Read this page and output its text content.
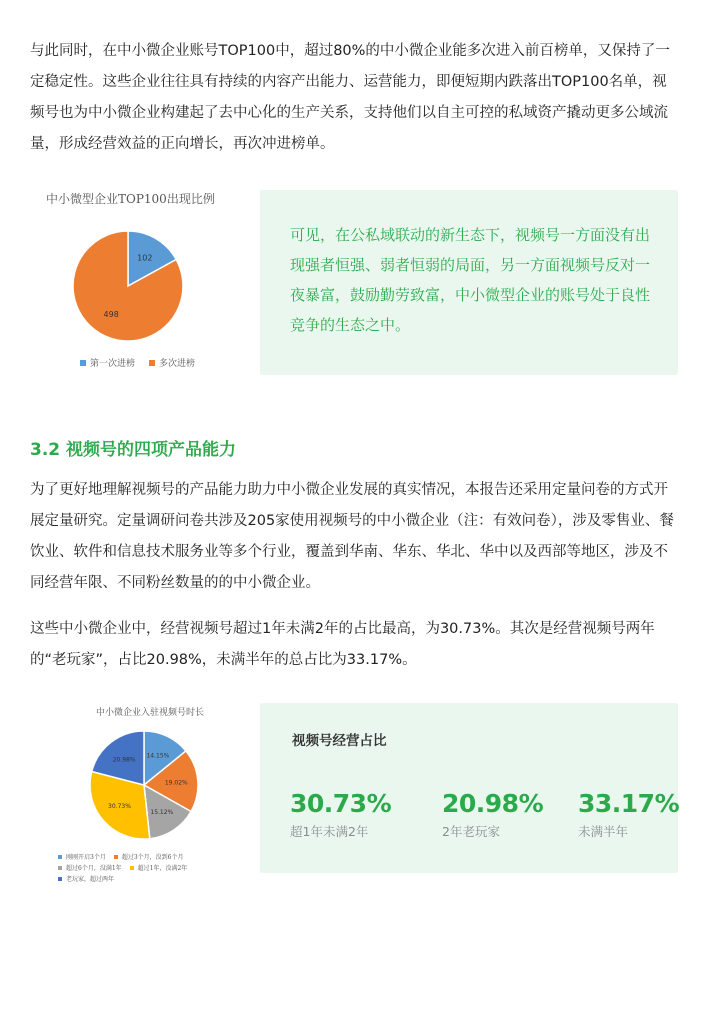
与此同时，在中小微企业账号TOP100中，超过80%的中小微企业能多次进入前百榜单，又保持了一定稳定性。这些企业往往具有持续的内容产出能力、运营能力，即便短期内跌落出TOP100名单，视频号也为中小微企业构建起了去中心化的生产关系，支持他们以自主可控的私域资产撬动更多公域流量，形成经营效益的正向增长，再次冲进榜单。

中小微型企业TOP100出现比例
102
498
第一次进榜	多次进榜

可见，在公私域联动的新生态下，视频号一方面没有出现强者恒强、弱者恒弱的局面，另一方面视频号反对一夜暴富，鼓励勤劳致富，中小微型企业的账号处于良性竞争的生态之中。

3.2 视频号的四项产品能力

为了更好地理解视频号的产品能力助力中小微企业发展的真实情况，本报告还采用定量问卷的方式开展定量研究。定量调研问卷共涉及205家使用视频号的中小微企业（注：有效问卷），涉及零售业、餐饮业、软件和信息技术服务业等多个行业，覆盖到华南、华东、华北、华中以及西部等地区，涉及不同经营年限、不同粉丝数量的的中小微企业。

这些中小微企业中，经营视频号超过1年未满2年的占比最高，为30.73%。其次是经营视频号两年的“老玩家”，占比20.98%，未满半年的总占比为33.17%。

中小微企业入驻视频号时长
14.15%
19.02%
15.12%
30.73%
20.98%
刚刚开启3个月	超过3个月，没到6个月
超过6个月，没满1年	超过1年，没满2年
老玩家，超过两年
视频号经营占比
30.73%
超1年未满2年
20.98%
2年老玩家
33.17%
未满半年
